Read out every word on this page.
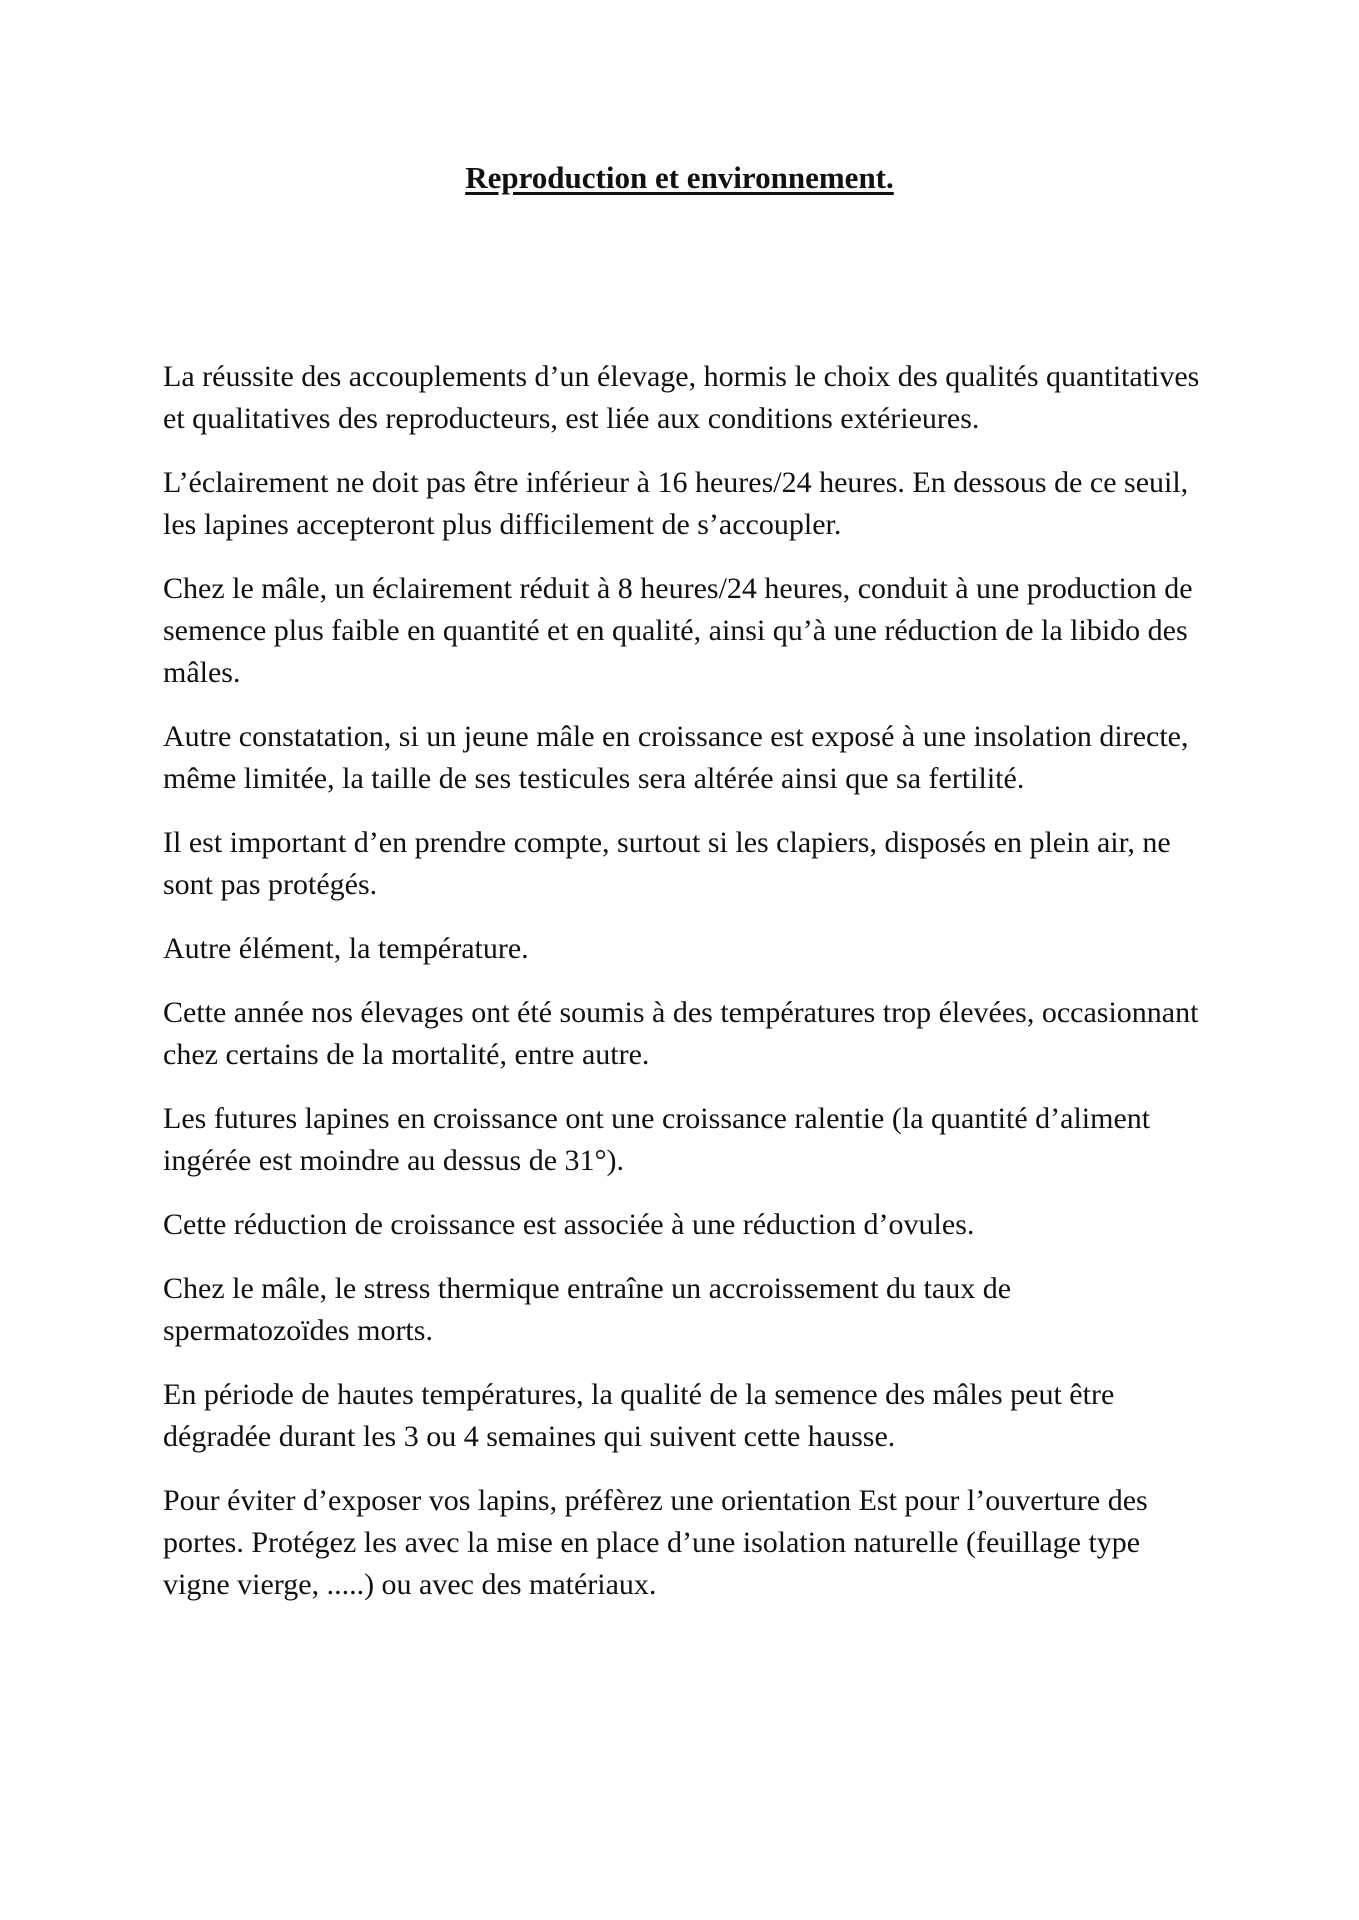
Reproduction et environnement.

La réussite des accouplements d’un élevage, hormis le choix des qualités quantitatives et qualitatives des reproducteurs, est liée aux conditions extérieures.

L’éclairement ne doit pas être inférieur à 16 heures/24 heures. En dessous de ce seuil, les lapines accepteront plus difficilement de s’accoupler.

Chez le mâle, un éclairement réduit à 8 heures/24 heures, conduit à une production de semence plus faible en quantité et en qualité, ainsi qu’à une réduction de la libido des mâles.

Autre constatation, si un jeune mâle en croissance est exposé à une insolation directe, même limitée, la taille de ses testicules sera altérée ainsi que sa fertilité.

Il est important d’en prendre compte, surtout si les clapiers, disposés en plein air, ne sont pas protégés.

Autre élément, la température.

Cette année nos élevages ont été soumis à des températures trop élevées, occasionnant chez certains de la mortalité, entre autre.

Les futures lapines en croissance ont une croissance ralentie (la quantité d’aliment ingérée est moindre au dessus de 31°).

Cette réduction de croissance est associée à une réduction d’ovules.

Chez le mâle, le stress thermique entraîne un accroissement du taux de spermatozoïdes morts.

En période de hautes températures, la qualité de la semence des mâles peut être dégradée durant les 3 ou 4 semaines qui suivent cette hausse.

Pour éviter d’exposer vos lapins, préfèrez une orientation Est pour l’ouverture des portes. Protégez les avec la mise en place d’une isolation naturelle (feuillage type vigne vierge, .....) ou avec des matériaux.
